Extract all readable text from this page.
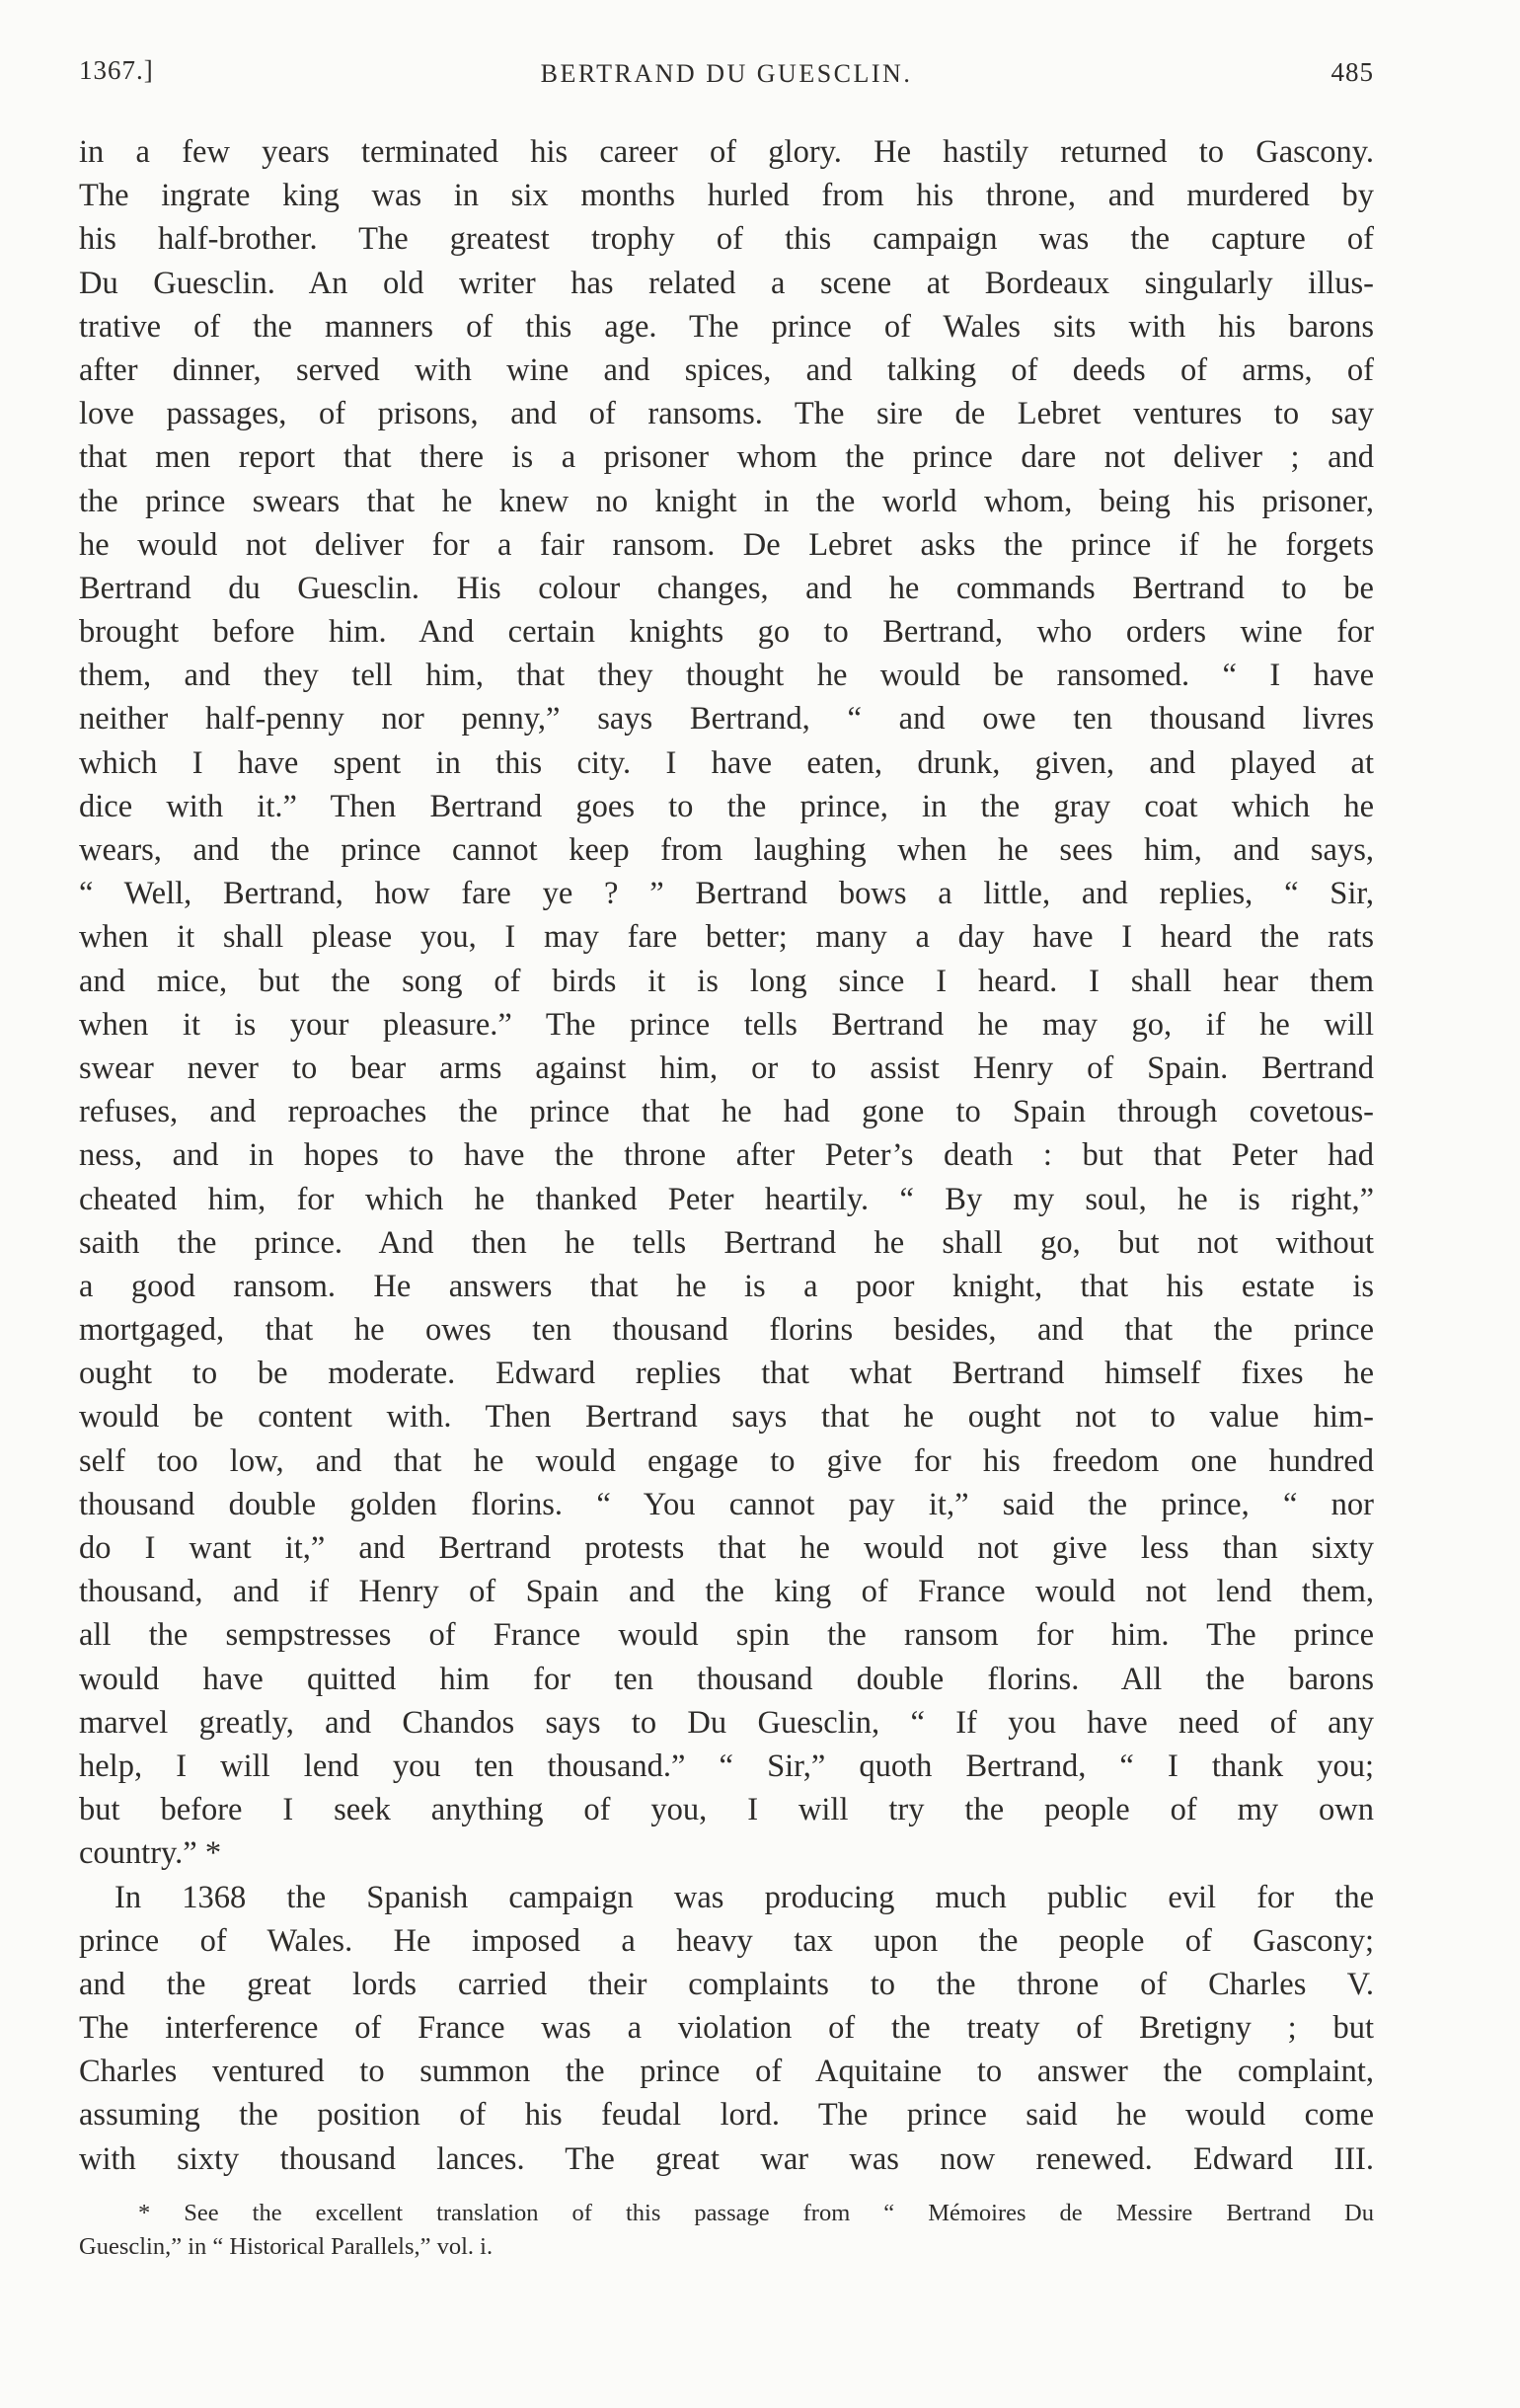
1367.]	BERTRAND DU GUESCLIN.	485
in a few years terminated his career of glory. He hastily returned to Gascony.
The ingrate king was in six months hurled from his throne, and murdered by
his half-brother. The greatest trophy of this campaign was the capture of
Du Guesclin. An old writer has related a scene at Bordeaux singularly illus-
trative of the manners of this age. The prince of Wales sits with his barons
after dinner, served with wine and spices, and talking of deeds of arms, of
love passages, of prisons, and of ransoms. The sire de Lebret ventures to say
that men report that there is a prisoner whom the prince dare not deliver ; and
the prince swears that he knew no knight in the world whom, being his prisoner,
he would not deliver for a fair ransom. De Lebret asks the prince if he forgets
Bertrand du Guesclin. His colour changes, and he commands Bertrand to be
brought before him. And certain knights go to Bertrand, who orders wine for
them, and they tell him, that they thought he would be ransomed. “ I have
neither half-penny nor penny,” says Bertrand, “ and owe ten thousand livres
which I have spent in this city. I have eaten, drunk, given, and played at
dice with it.” Then Bertrand goes to the prince, in the gray coat which he
wears, and the prince cannot keep from laughing when he sees him, and says,
“ Well, Bertrand, how fare ye ? ” Bertrand bows a little, and replies, “ Sir,
when it shall please you, I may fare better; many a day have I heard the rats
and mice, but the song of birds it is long since I heard. I shall hear them
when it is your pleasure.” The prince tells Bertrand he may go, if he will
swear never to bear arms against him, or to assist Henry of Spain. Bertrand
refuses, and reproaches the prince that he had gone to Spain through covetous-
ness, and in hopes to have the throne after Peter’s death : but that Peter had
cheated him, for which he thanked Peter heartily. “ By my soul, he is right,”
saith the prince. And then he tells Bertrand he shall go, but not without
a good ransom. He answers that he is a poor knight, that his estate is
mortgaged, that he owes ten thousand florins besides, and that the prince
ought to be moderate. Edward replies that what Bertrand himself fixes he
would be content with. Then Bertrand says that he ought not to value him-
self too low, and that he would engage to give for his freedom one hundred
thousand double golden florins. “ You cannot pay it,” said the prince, “ nor
do I want it,” and Bertrand protests that he would not give less than sixty
thousand, and if Henry of Spain and the king of France would not lend them,
all the sempstresses of France would spin the ransom for him. The prince
would have quitted him for ten thousand double florins. All the barons
marvel greatly, and Chandos says to Du Guesclin, “ If you have need of any
help, I will lend you ten thousand.” “ Sir,” quoth Bertrand, “ I thank you;
but before I seek anything of you, I will try the people of my own
country.” *
In 1368 the Spanish campaign was producing much public evil for the
prince of Wales. He imposed a heavy tax upon the people of Gascony;
and the great lords carried their complaints to the throne of Charles V.
The interference of France was a violation of the treaty of Bretigny ; but
Charles ventured to summon the prince of Aquitaine to answer the complaint,
assuming the position of his feudal lord. The prince said he would come
with sixty thousand lances. The great war was now renewed. Edward III.
* See the excellent translation of this passage from “ Mémoires de Messire Bertrand Du
Guesclin,” in “ Historical Parallels,” vol. i.
